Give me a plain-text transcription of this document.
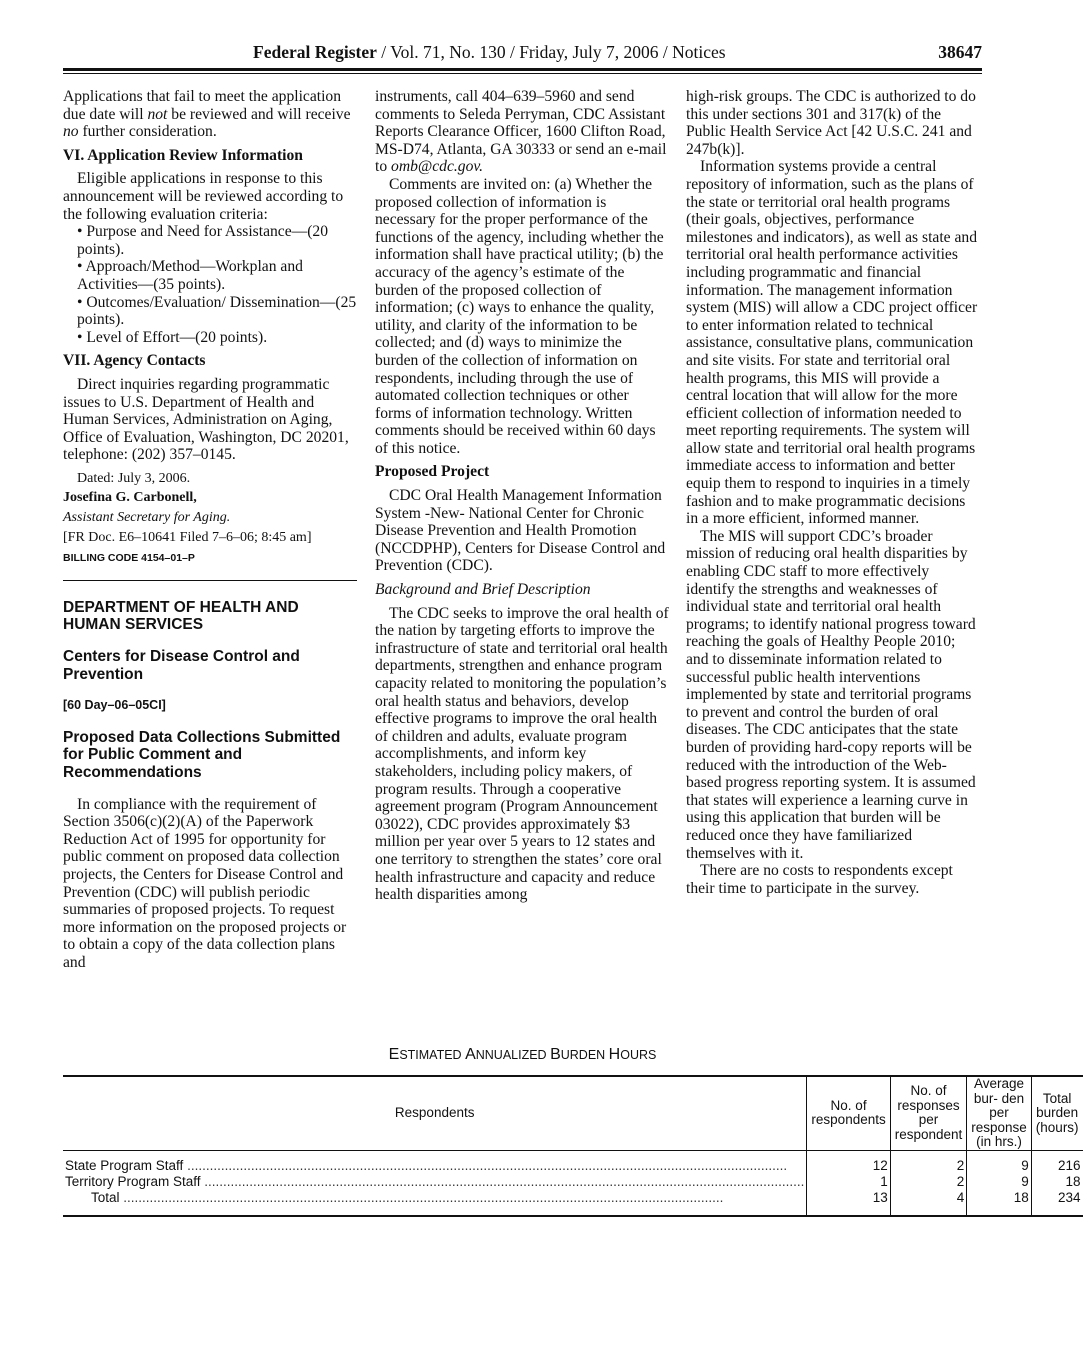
Federal Register / Vol. 71, No. 130 / Friday, July 7, 2006 / Notices	38647

Applications that fail to meet the application due date will not be reviewed and will receive no further consideration.

VI. Application Review Information

Eligible applications in response to this announcement will be reviewed according to the following evaluation criteria:

• Purpose and Need for Assistance—(20 points).

• Approach/Method—Workplan and Activities—(35 points).

• Outcomes/Evaluation/ Dissemination—(25 points).

• Level of Effort—(20 points).

VII. Agency Contacts

Direct inquiries regarding programmatic issues to U.S. Department of Health and Human Services, Administration on Aging, Office of Evaluation, Washington, DC 20201, telephone: (202) 357–0145.

Dated: July 3, 2006.

Josefina G. Carbonell,

Assistant Secretary for Aging.

[FR Doc. E6–10641 Filed 7–6–06; 8:45 am]

BILLING CODE 4154–01–P

DEPARTMENT OF HEALTH AND HUMAN SERVICES

Centers for Disease Control and Prevention

[60 Day–06–05CI]

Proposed Data Collections Submitted for Public Comment and Recommendations

In compliance with the requirement of Section 3506(c)(2)(A) of the Paperwork Reduction Act of 1995 for opportunity for public comment on proposed data collection projects, the Centers for Disease Control and Prevention (CDC) will publish periodic summaries of proposed projects. To request more information on the proposed projects or to obtain a copy of the data collection plans and

instruments, call 404–639–5960 and send comments to Seleda Perryman, CDC Assistant Reports Clearance Officer, 1600 Clifton Road, MS-D74, Atlanta, GA 30333 or send an e-mail to omb@cdc.gov.

Comments are invited on: (a) Whether the proposed collection of information is necessary for the proper performance of the functions of the agency, including whether the information shall have practical utility; (b) the accuracy of the agency’s estimate of the burden of the proposed collection of information; (c) ways to enhance the quality, utility, and clarity of the information to be collected; and (d) ways to minimize the burden of the collection of information on respondents, including through the use of automated collection techniques or other forms of information technology. Written comments should be received within 60 days of this notice.

Proposed Project

CDC Oral Health Management Information System -New- National Center for Chronic Disease Prevention and Health Promotion (NCCDPHP), Centers for Disease Control and Prevention (CDC).

Background and Brief Description

The CDC seeks to improve the oral health of the nation by targeting efforts to improve the infrastructure of state and territorial oral health departments, strengthen and enhance program capacity related to monitoring the population’s oral health status and behaviors, develop effective programs to improve the oral health of children and adults, evaluate program accomplishments, and inform key stakeholders, including policy makers, of program results. Through a cooperative agreement program (Program Announcement 03022), CDC provides approximately $3 million per year over 5 years to 12 states and one territory to strengthen the states’ core oral health infrastructure and capacity and reduce health disparities among

high-risk groups. The CDC is authorized to do this under sections 301 and 317(k) of the Public Health Service Act [42 U.S.C. 241 and 247b(k)].

Information systems provide a central repository of information, such as the plans of the state or territorial oral health programs (their goals, objectives, performance milestones and indicators), as well as state and territorial oral health performance activities including programmatic and financial information. The management information system (MIS) will allow a CDC project officer to enter information related to technical assistance, consultative plans, communication and site visits. For state and territorial oral health programs, this MIS will provide a central location that will allow for the more efficient collection of information needed to meet reporting requirements. The system will allow state and territorial oral health programs immediate access to information and better equip them to respond to inquiries in a timely fashion and to make programmatic decisions in a more efficient, informed manner.

The MIS will support CDC’s broader mission of reducing oral health disparities by enabling CDC staff to more effectively identify the strengths and weaknesses of individual state and territorial oral health programs; to identify national progress toward reaching the goals of Healthy People 2010; and to disseminate information related to successful public health interventions implemented by state and territorial programs to prevent and control the burden of oral diseases. The CDC anticipates that the state burden of providing hard-copy reports will be reduced with the introduction of the Web-based progress reporting system. It is assumed that states will experience a learning curve in using this application that burden will be reduced once they have familiarized themselves with it.

There are no costs to respondents except their time to participate in the survey.

ESTIMATED ANNUALIZED BURDEN HOURS
Respondents	No. of respondents	No. of responses per respondent	Average bur- den per response (in hrs.)	Total burden (hours)
State Program Staff ................................................................................................................................................................	12	2	9	216
Territory Program Staff ................................................................................................................................................................	1	2	9	18
Total ................................................................................................................................................................	13	4	18	234
